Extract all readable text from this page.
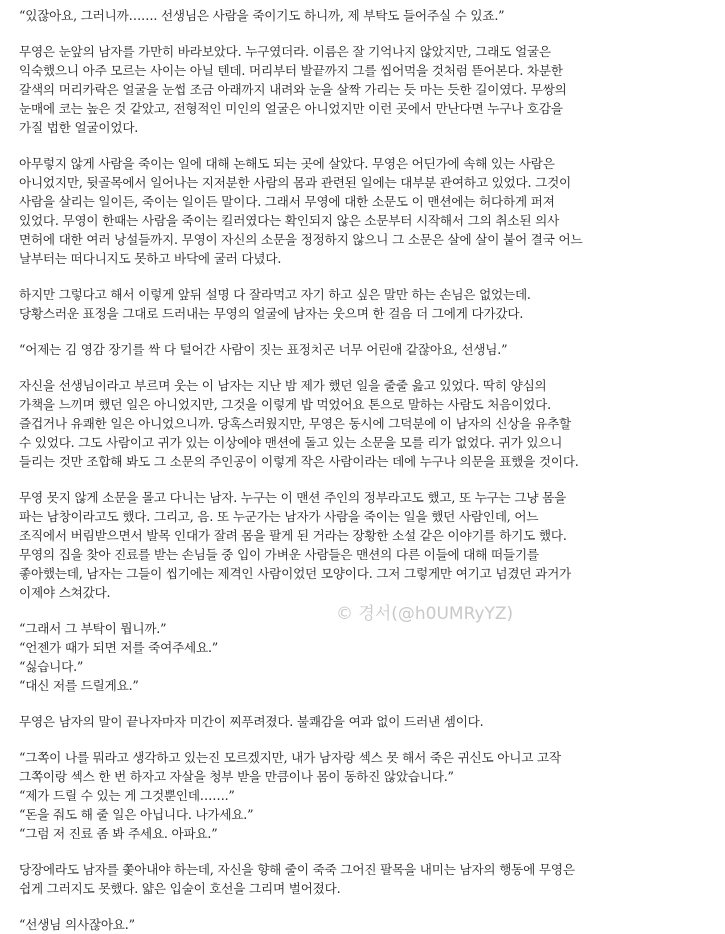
“있잖아요, 그러니까……. 선생님은 사람을 죽이기도 하니까, 제 부탁도 들어주실 수 있죠.”

무영은 눈앞의 남자를 가만히 바라보았다. 누구였더라. 이름은 잘 기억나지 않았지만, 그래도 얼굴은
익숙했으니 아주 모르는 사이는 아닐 텐데. 머리부터 발끝까지 그를 씹어먹을 것처럼 뜯어본다. 차분한
갈색의 머리카락은 얼굴을 눈썹 조금 아래까지 내려와 눈을 살짝 가리는 듯 마는 듯한 길이였다. 무쌍의
눈매에 코는 높은 것 같았고, 전형적인 미인의 얼굴은 아니었지만 이런 곳에서 만난다면 누구나 호감을
가질 법한 얼굴이었다.

아무렇지 않게 사람을 죽이는 일에 대해 논해도 되는 곳에 살았다. 무영은 어딘가에 속해 있는 사람은
아니었지만, 뒷골목에서 일어나는 지저분한 사람의 몸과 관련된 일에는 대부분 관여하고 있었다. 그것이
사람을 살리는 일이든, 죽이는 일이든 말이다. 그래서 무영에 대한 소문도 이 맨션에는 허다하게 퍼져
있었다. 무영이 한때는 사람을 죽이는 킬러였다는 확인되지 않은 소문부터 시작해서 그의 취소된 의사
면허에 대한 여러 낭설들까지. 무영이 자신의 소문을 정정하지 않으니 그 소문은 살에 살이 붙어 결국 어느
날부터는 떠다니지도 못하고 바닥에 굴러 다녔다.

하지만 그렇다고 해서 이렇게 앞뒤 설명 다 잘라먹고 자기 하고 싶은 말만 하는 손님은 없었는데.
당황스러운 표정을 그대로 드러내는 무영의 얼굴에 남자는 웃으며 한 걸음 더 그에게 다가갔다.

“어제는 김 영감 장기를 싹 다 털어간 사람이 짓는 표정치곤 너무 어린애 같잖아요, 선생님.”

자신을 선생님이라고 부르며 웃는 이 남자는 지난 밤 제가 했던 일을 줄줄 읊고 있었다. 딱히 양심의
가책을 느끼며 했던 일은 아니었지만, 그것을 이렇게 밥 먹었어요 톤으로 말하는 사람도 처음이었다.
즐겁거나 유쾌한 일은 아니었으니까. 당혹스러웠지만, 무영은 동시에 그덕분에 이 남자의 신상을 유추할
수 있었다. 그도 사람이고 귀가 있는 이상에야 맨션에 돌고 있는 소문을 모를 리가 없었다. 귀가 있으니
들리는 것만 조합해 봐도 그 소문의 주인공이 이렇게 작은 사람이라는 데에 누구나 의문을 표했을 것이다.

무영 못지 않게 소문을 몰고 다니는 남자. 누구는 이 맨션 주인의 정부라고도 했고, 또 누구는 그냥 몸을
파는 남창이라고도 했다. 그리고, 음. 또 누군가는 남자가 사람을 죽이는 일을 했던 사람인데, 어느
조직에서 버림받으면서 발목 인대가 잘려 몸을 팔게 된 거라는 장황한 소설 같은 이야기를 하기도 했다.
무영의 집을 찾아 진료를 받는 손님들 중 입이 가벼운 사람들은 맨션의 다른 이들에 대해 떠들기를
좋아했는데, 남자는 그들이 씹기에는 제격인 사람이었던 모양이다. 그저 그렇게만 여기고 넘겼던 과거가
이제야 스쳐갔다.

“그래서 그 부탁이 뭡니까.”
“언젠가 때가 되면 저를 죽여주세요.”
“싫습니다.”
“대신 저를 드릴게요.”

무영은 남자의 말이 끝나자마자 미간이 찌푸려졌다. 불쾌감을 여과 없이 드러낸 셈이다.

“그쪽이 나를 뭐라고 생각하고 있는진 모르겠지만, 내가 남자랑 섹스 못 해서 죽은 귀신도 아니고 고작
그쪽이랑 섹스 한 번 하자고 자살을 청부 받을 만큼이나 몸이 동하진 않았습니다.”
“제가 드릴 수 있는 게 그것뿐인데…….”
“돈을 줘도 해 줄 일은 아닙니다. 나가세요.”
“그럼 저 진료 좀 봐 주세요. 아파요.”

당장에라도 남자를 쫓아내야 하는데, 자신을 향해 줄이 죽죽 그어진 팔목을 내미는 남자의 행동에 무영은
쉽게 그러지도 못했다. 얇은 입술이 호선을 그리며 벌어졌다.

“선생님 의사잖아요.”

© 경서(@h0UMRyYZ)
